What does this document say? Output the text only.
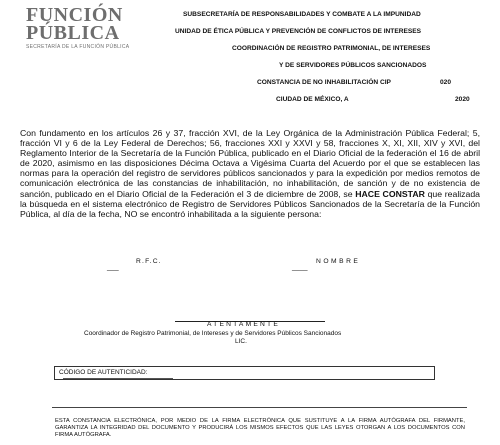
FUNCIÓN
PÚBLICA
SECRETARÍA DE LA FUNCIÓN PÚBLICA
SUBSECRETARÍA DE RESPONSABILIDADES Y COMBATE A LA IMPUNIDAD
UNIDAD DE ÉTICA PÚBLICA Y PREVENCIÓN DE CONFLICTOS DE INTERESES
COORDINACIÓN DE REGISTRO PATRIMONIAL, DE INTERESES
Y DE SERVIDORES PÚBLICOS SANCIONADOS
CONSTANCIA DE NO INHABILITACIÓN CIP	020
CIUDAD DE MÉXICO, A	2020
Con fundamento en los artículos 26 y 37, fracción XVI, de la Ley Orgánica de la Administración Pública Federal; 5, fracción VI y 6 de la Ley Federal de Derechos; 56, fracciones XXI y XXVI y 58, fracciones X, XI, XII, XIV y XVI, del Reglamento Interior de la Secretaría de la Función Pública, publicado en el Diario Oficial de la federación el 16 de abril de 2020, asimismo en las disposiciones Décima Octava a Vigésima Cuarta del Acuerdo por el que se establecen las normas para la operación del registro de servidores públicos sancionados y para la expedición por medios remotos de comunicación electrónica de las constancias de inhabilitación, no inhabilitación, de sanción y de no existencia de sanción, publicado en el Diario Oficial de la Federación el 3 de diciembre de 2008, se HACE CONSTAR que realizada la búsqueda en el sistema electrónico de Registro de Servidores Públicos Sancionados de la Secretaría de la Función Pública, al día de la fecha, NO se encontró inhabilitada a la siguiente persona:
R.F.C.
___
NOMBRE
____
ATENTAMENTE
Coordinador de Registro Patrimonial, de Intereses y de Servidores Públicos Sancionados
LIC.
CÓDIGO DE AUTENTICIDAD:
ESTA CONSTANCIA ELECTRÓNICA, POR MEDIO DE LA FIRMA ELECTRÓNICA QUE SUSTITUYE A LA FIRMA AUTÓGRAFA DEL FIRMANTE, GARANTIZA LA INTEGRIDAD DEL DOCUMENTO Y PRODUCIRÁ LOS MISMOS EFECTOS QUE LAS LEYES OTORGAN A LOS DOCUMENTOS CON FIRMA AUTÓGRAFA.
